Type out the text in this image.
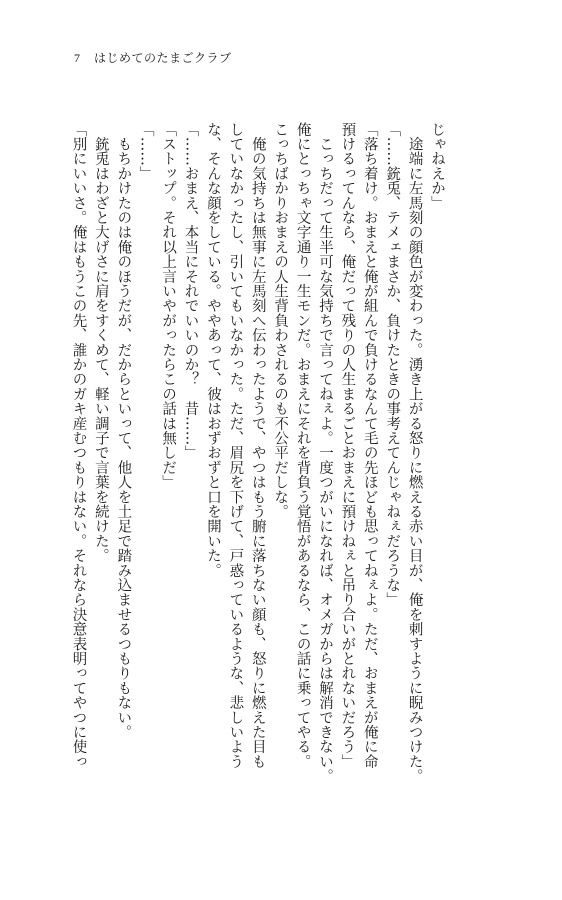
7 はじめてのたまごクラブ
じゃねえか」
　途端に左馬刻の顔色が変わった。湧き上がる怒りに燃える赤い目が、俺を刺すように睨みつけた。
「……銃兎、テメェまさか、負けたときの事考えてんじゃねぇだろうな」
「落ち着け。おまえと俺が組んで負けるなんて毛の先ほども思ってねぇよ。ただ、おまえが俺に命
預けるってんなら、俺だって残りの人生まるごとおまえに預けねぇと吊り合いがとれないだろう」
　こっちだって生半可な気持ちで言ってねぇよ。一度つがいになれば、オメガからは解消できない。
俺にとっちゃ文字通り一生モンだ。おまえにそれを背負う覚悟があるなら、この話に乗ってやる。
こっちばかりおまえの人生背負わされるのも不公平だしな。
　俺の気持ちは無事に左馬刻へ伝わったようで、やつはもう腑に落ちない顔も、怒りに燃えた目も
していなかったし、引いてもいなかった。ただ、眉尻を下げて、戸惑っているような、悲しいよう
な、そんな顔をしている。ややあって、彼はおずおずと口を開いた。
「……おまえ、本当にそれでいいのか？　昔……」
「ストップ。それ以上言いやがったらこの話は無しだ」
「……」
　もちかけたのは俺のほうだが、だからといって、他人を土足で踏み込ませるつもりもない。
　銃兎はわざと大げさに肩をすくめて、軽い調子で言葉を続けた。
「別にいいさ。俺はもうこの先、誰かのガキ産むつもりはない。それなら決意表明ってやつに使っ
